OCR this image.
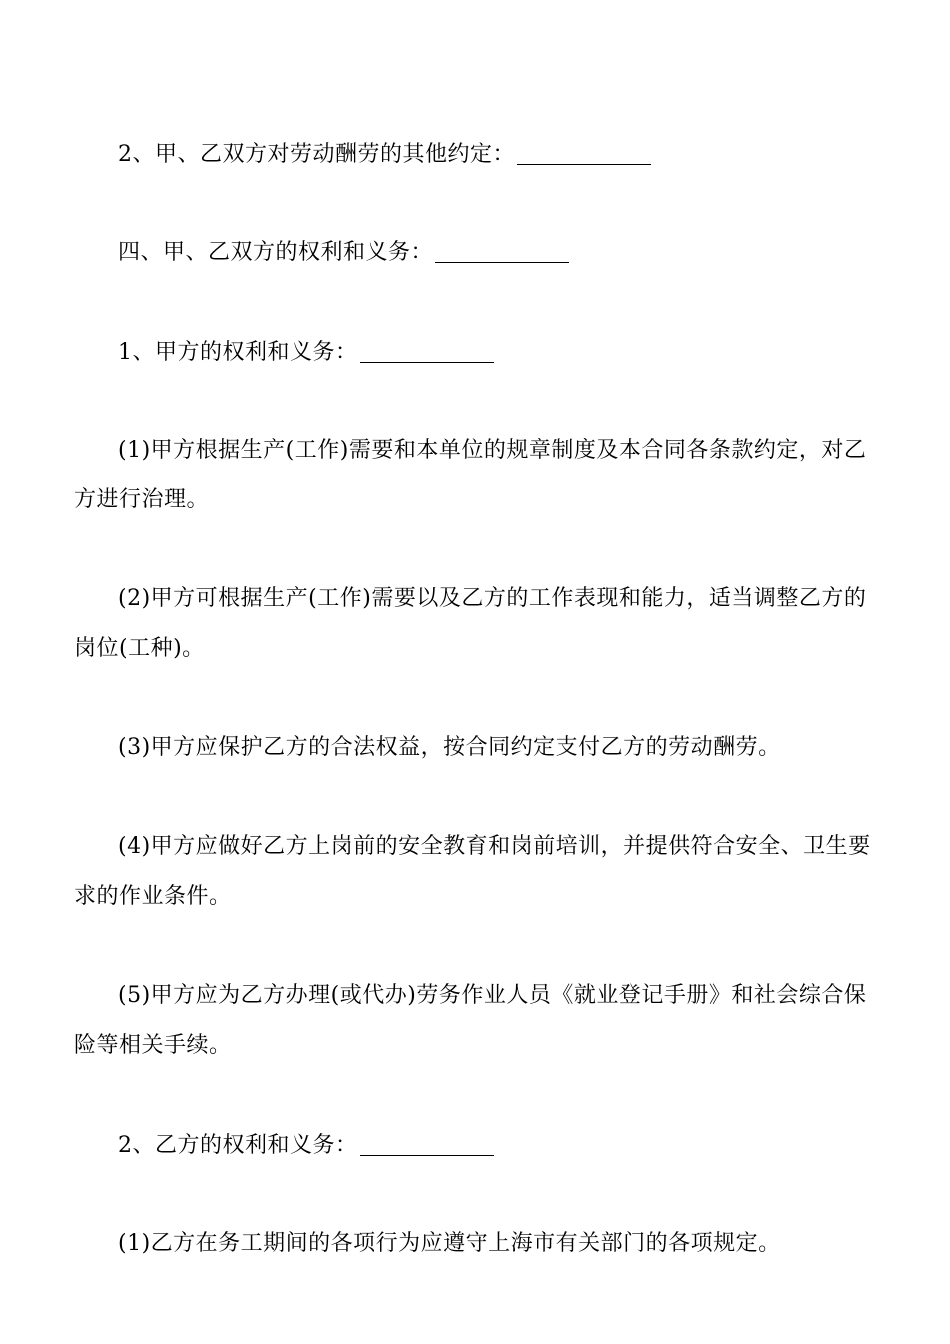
2、甲、乙双方对劳动酬劳的其他约定：
四、甲、乙双方的权利和义务：
1、甲方的权利和义务：
(1)甲方根据生产(工作)需要和本单位的规章制度及本合同各条款约定，对乙
方进行治理。
(2)甲方可根据生产(工作)需要以及乙方的工作表现和能力，适当调整乙方的
岗位(工种)。
(3)甲方应保护乙方的合法权益，按合同约定支付乙方的劳动酬劳。
(4)甲方应做好乙方上岗前的安全教育和岗前培训，并提供符合安全、卫生要
求的作业条件。
(5)甲方应为乙方办理(或代办)劳务作业人员《就业登记手册》和社会综合保
险等相关手续。
2、乙方的权利和义务：
(1)乙方在务工期间的各项行为应遵守上海市有关部门的各项规定。
